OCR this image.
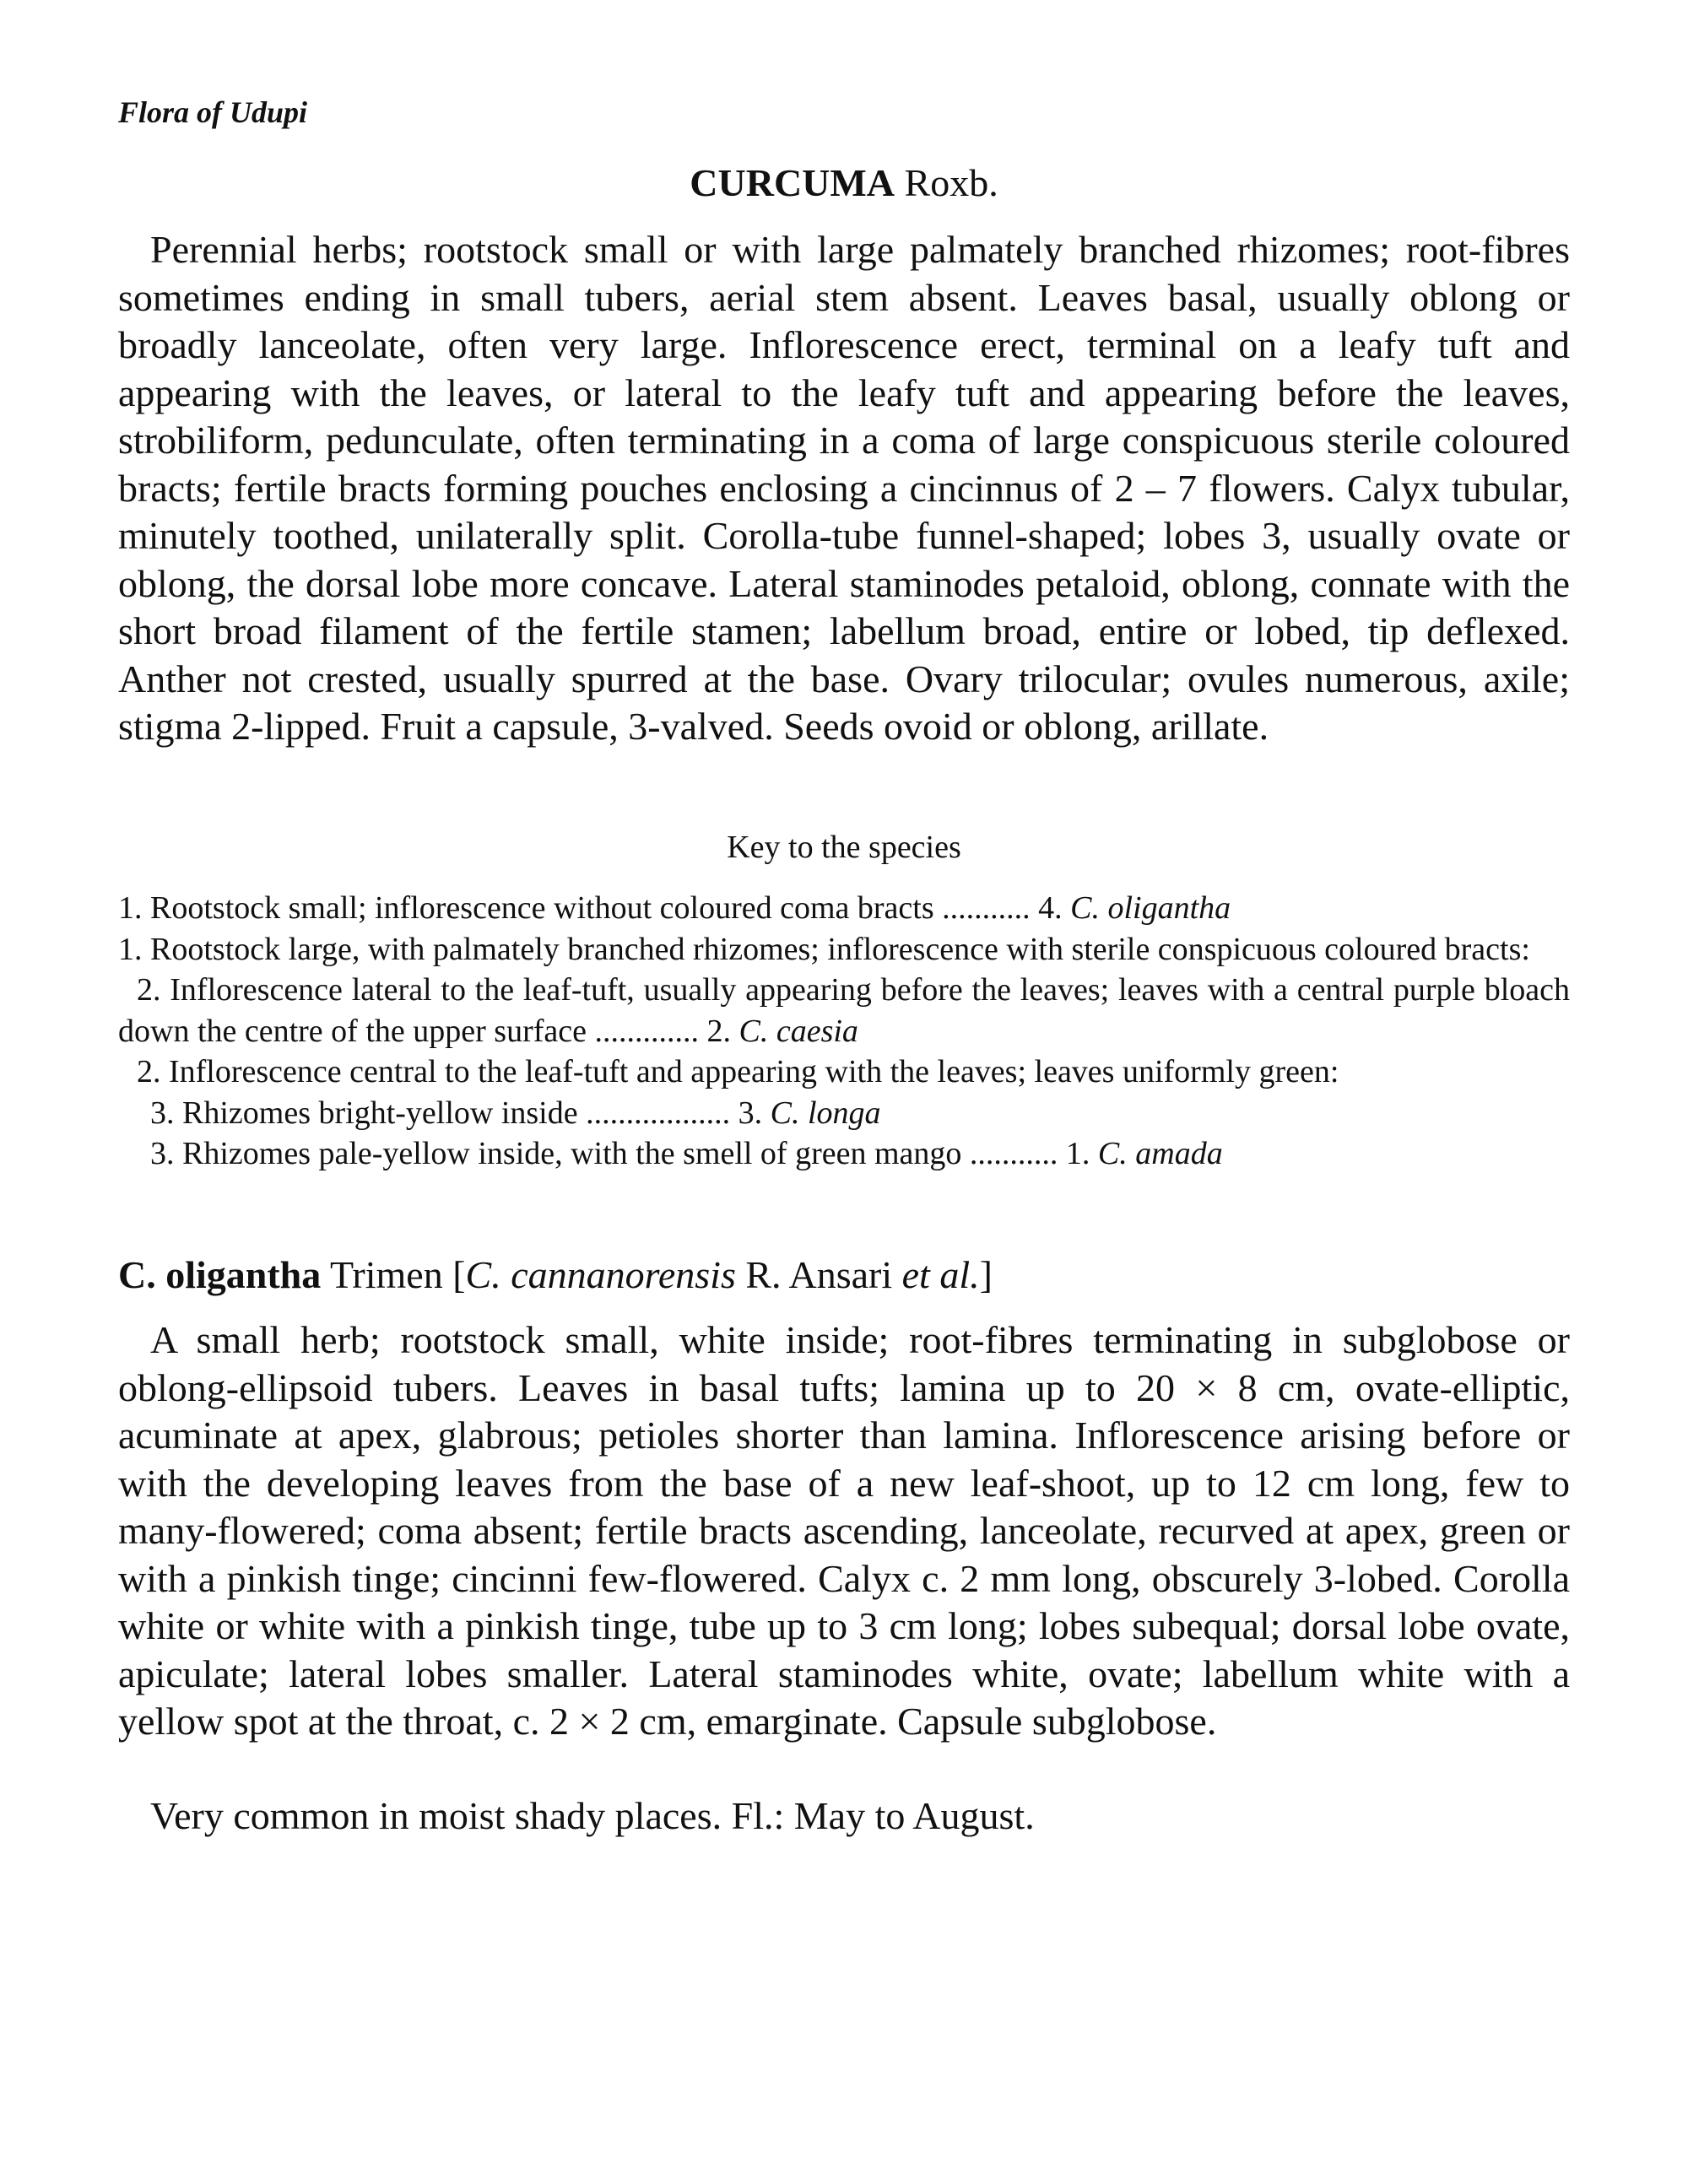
Flora of Udupi
CURCUMA Roxb.

Perennial herbs; rootstock small or with large palmately branched rhizomes; root-fibres sometimes ending in small tubers, aerial stem absent. Leaves basal, usually oblong or broadly lanceolate, often very large. Inflorescence erect, terminal on a leafy tuft and appearing with the leaves, or lateral to the leafy tuft and appearing before the leaves, strobiliform, pedunculate, often terminating in a coma of large conspicuous sterile coloured bracts; fertile bracts forming pouches enclosing a cincinnus of 2 – 7 flowers. Calyx tubular, minutely toothed, unilaterally split. Corolla-tube funnel-shaped; lobes 3, usually ovate or oblong, the dorsal lobe more concave. Lateral staminodes petaloid, oblong, connate with the short broad filament of the fertile stamen; labellum broad, entire or lobed, tip deflexed. Anther not crested, usually spurred at the base. Ovary trilocular; ovules numerous, axile; stigma 2-lipped. Fruit a capsule, 3-valved. Seeds ovoid or oblong, arillate.

Key to the species

1. Rootstock small; inflorescence without coloured coma bracts ........... 4. C. oligantha

1. Rootstock large, with palmately branched rhizomes; inflorescence with sterile conspicuous coloured bracts:

2. Inflorescence lateral to the leaf-tuft, usually appearing before the leaves; leaves with a central purple bloach down the centre of the upper surface ............. 2. C. caesia

2. Inflorescence central to the leaf-tuft and appearing with the leaves; leaves uniformly green:

3. Rhizomes bright-yellow inside .................. 3. C. longa

3. Rhizomes pale-yellow inside, with the smell of green mango ........... 1. C. amada

C. oligantha Trimen [C. cannanorensis R. Ansari et al.]

A small herb; rootstock small, white inside; root-fibres terminating in subglobose or oblong-ellipsoid tubers. Leaves in basal tufts; lamina up to 20 × 8 cm, ovate-elliptic, acuminate at apex, glabrous; petioles shorter than lamina. Inflorescence arising before or with the developing leaves from the base of a new leaf-shoot, up to 12 cm long, few to many-flowered; coma absent; fertile bracts ascending, lanceolate, recurved at apex, green or with a pinkish tinge; cincinni few-flowered. Calyx c. 2 mm long, obscurely 3-lobed. Corolla white or white with a pinkish tinge, tube up to 3 cm long; lobes subequal; dorsal lobe ovate, apiculate; lateral lobes smaller. Lateral staminodes white, ovate; labellum white with a yellow spot at the throat, c. 2 × 2 cm, emarginate. Capsule subglobose.

Very common in moist shady places. Fl.: May to August.
